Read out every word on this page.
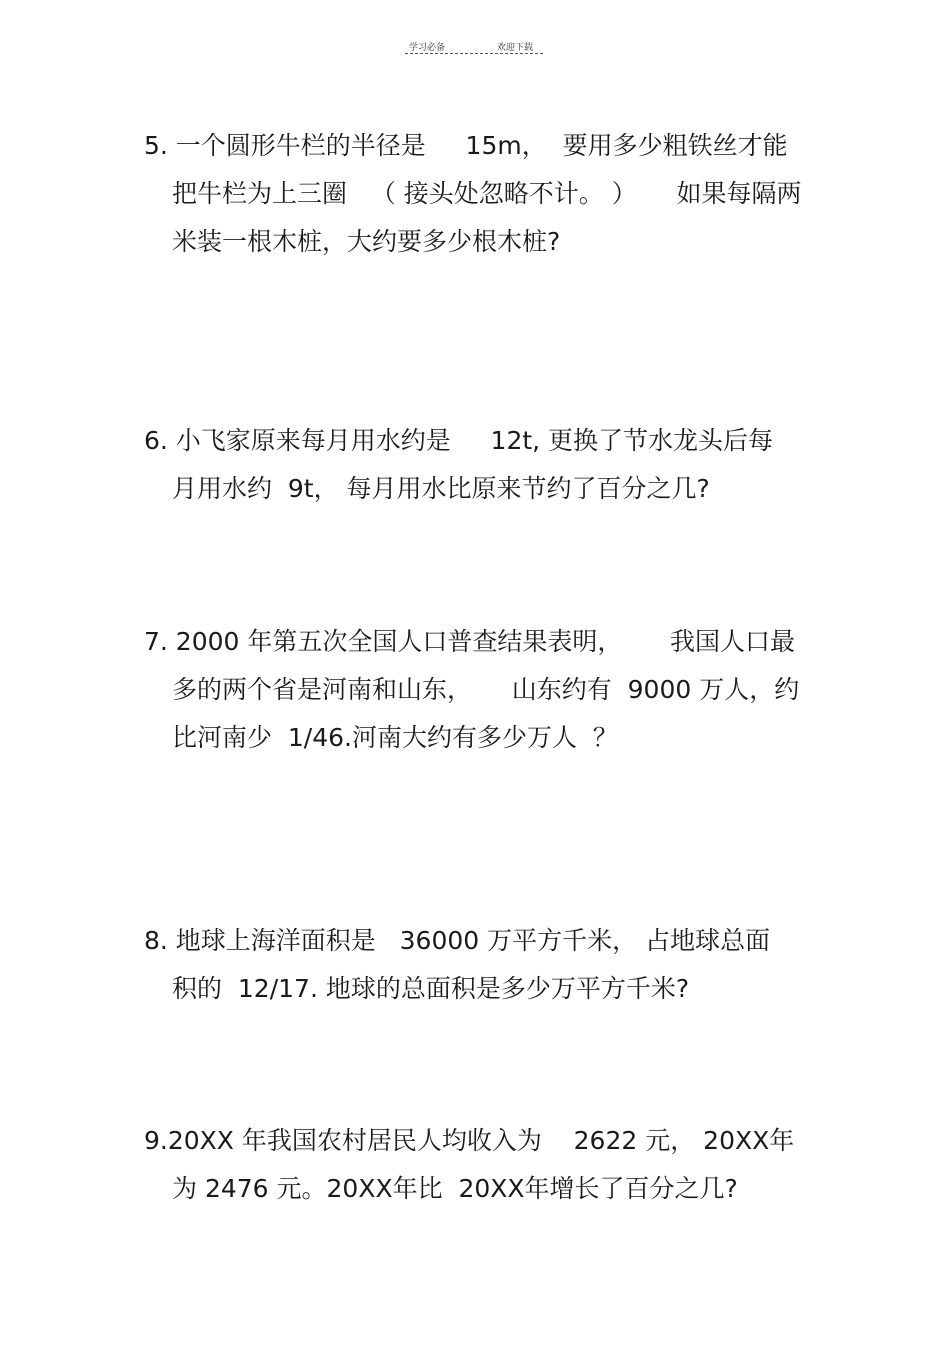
学习必备	欢迎下载
5. 一个圆形牛栏的半径是     15m，  要用多少粗铁丝才能
把牛栏为上三圈   （ 接头处忽略不计。 ）     如果每隔两
米装一根木桩，大约要多少根木桩?
6. 小飞家原来每月用水约是     12t, 更换了节水龙头后每
月用水约  9t， 每月用水比原来节约了百分之几?
7. 2000 年第五次全国人口普查结果表明，      我国人口最
多的两个省是河南和山东，     山东约有  9000 万人，约
比河南少  1/46.河南大约有多少万人  ？
8. 地球上海洋面积是   36000 万平方千米， 占地球总面
积的  12/17. 地球的总面积是多少万平方千米?
9.20XX 年我国农村居民人均收入为    2622 元， 20XX年
为 2476 元。20XX年比  20XX年增长了百分之几?
